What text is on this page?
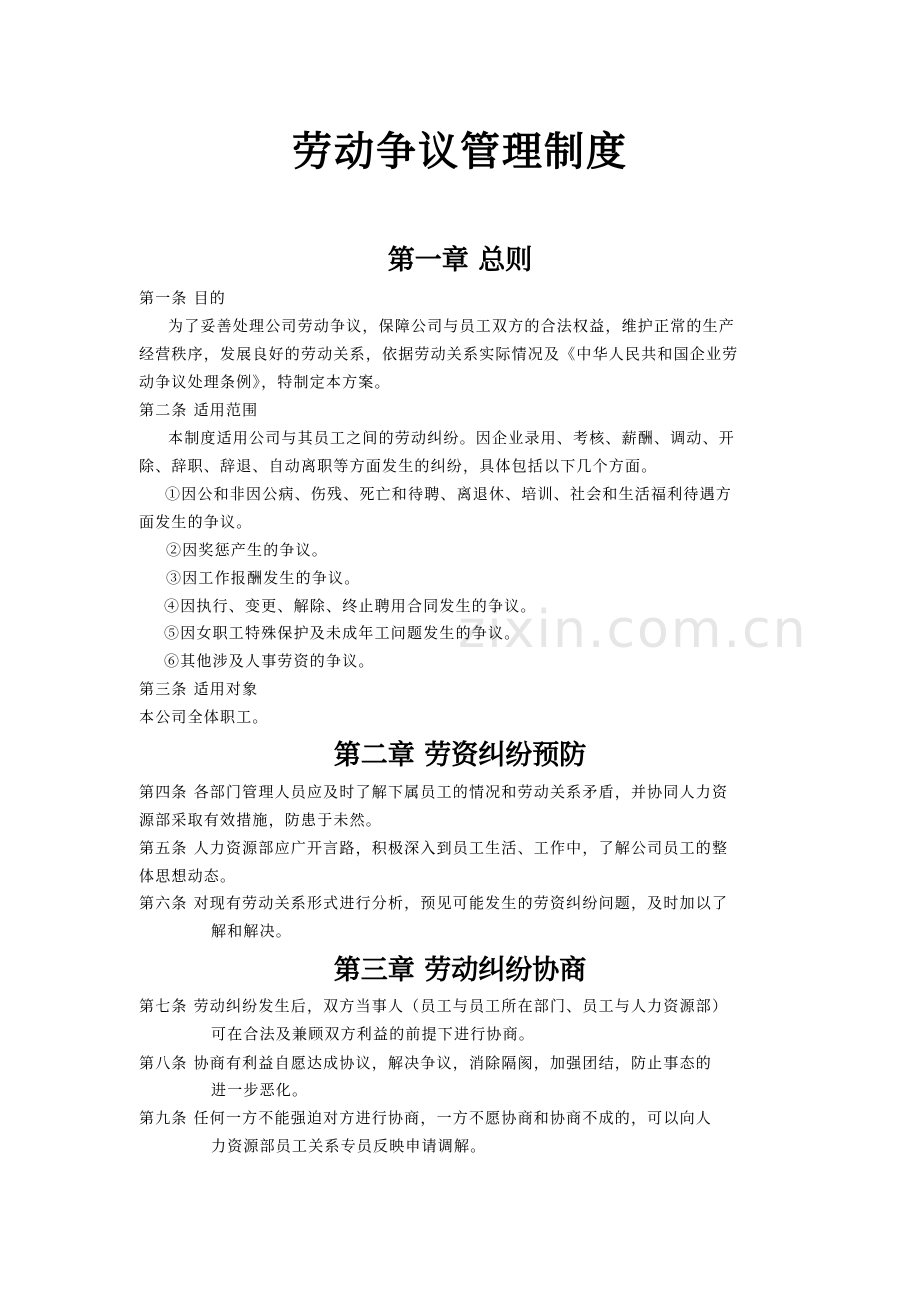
zixin.com.cn
劳动争议管理制度
第一章 总则
第一条 目的
为了妥善处理公司劳动争议，保障公司与员工双方的合法权益，维护正常的生产
经营秩序，发展良好的劳动关系，依据劳动关系实际情况及《中华人民共和国企业劳
动争议处理条例》，特制定本方案。
第二条 适用范围
本制度适用公司与其员工之间的劳动纠纷。因企业录用、考核、薪酬、调动、开
除、辞职、辞退、自动离职等方面发生的纠纷，具体包括以下几个方面。
①因公和非因公病、伤残、死亡和待聘、离退休、培训、社会和生活福利待遇方
面发生的争议。
②因奖惩产生的争议。
③因工作报酬发生的争议。
④因执行、变更、解除、终止聘用合同发生的争议。
⑤因女职工特殊保护及未成年工问题发生的争议。
⑥其他涉及人事劳资的争议。
第三条 适用对象
本公司全体职工。
第二章 劳资纠纷预防
第四条 各部门管理人员应及时了解下属员工的情况和劳动关系矛盾，并协同人力资
源部采取有效措施，防患于未然。
第五条 人力资源部应广开言路，积极深入到员工生活、工作中，了解公司员工的整
体思想动态。
第六条 对现有劳动关系形式进行分析，预见可能发生的劳资纠纷问题，及时加以了
解和解决。
第三章 劳动纠纷协商
第七条 劳动纠纷发生后，双方当事人（员工与员工所在部门、员工与人力资源部）
可在合法及兼顾双方利益的前提下进行协商。
第八条 协商有利益自愿达成协议，解决争议，消除隔阂，加强团结，防止事态的
进一步恶化。
第九条 任何一方不能强迫对方进行协商，一方不愿协商和协商不成的，可以向人
力资源部员工关系专员反映申请调解。
